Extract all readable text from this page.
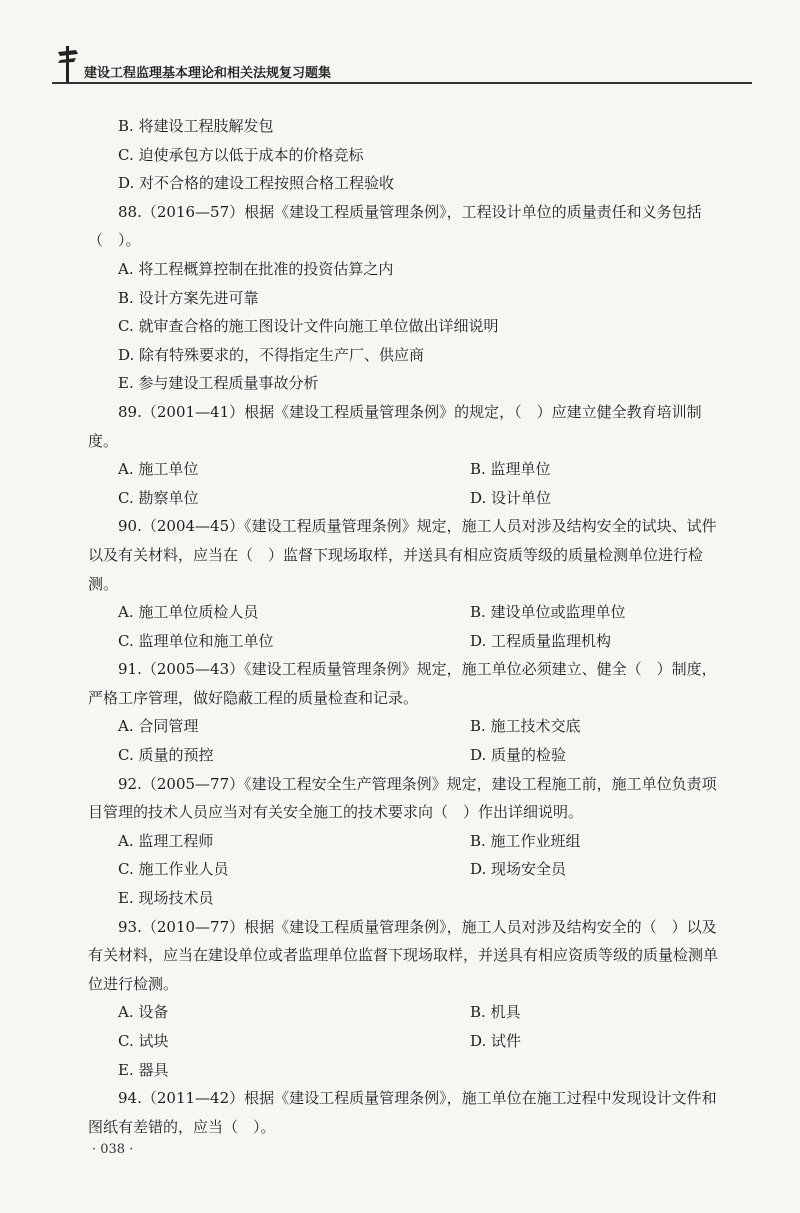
建设工程监理基本理论和相关法规复习题集
B. 将建设工程肢解发包
C. 迫使承包方以低于成本的价格竞标
D. 对不合格的建设工程按照合格工程验收
88.（2016—57）根据《建设工程质量管理条例》，工程设计单位的质量责任和义务包括（　）。
A. 将工程概算控制在批准的投资估算之内
B. 设计方案先进可靠
C. 就审查合格的施工图设计文件向施工单位做出详细说明
D. 除有特殊要求的，不得指定生产厂、供应商
E. 参与建设工程质量事故分析
89.（2001—41）根据《建设工程质量管理条例》的规定，（　）应建立健全教育培训制度。
A. 施工单位	B. 监理单位
C. 勘察单位	D. 设计单位
90.（2004—45）《建设工程质量管理条例》规定，施工人员对涉及结构安全的试块、试件以及有关材料，应当在（　）监督下现场取样，并送具有相应资质等级的质量检测单位进行检测。
A. 施工单位质检人员	B. 建设单位或监理单位
C. 监理单位和施工单位	D. 工程质量监理机构
91.（2005—43）《建设工程质量管理条例》规定，施工单位必须建立、健全（　）制度，严格工序管理，做好隐蔽工程的质量检查和记录。
A. 合同管理	B. 施工技术交底
C. 质量的预控	D. 质量的检验
92.（2005—77）《建设工程安全生产管理条例》规定，建设工程施工前，施工单位负责项目管理的技术人员应当对有关安全施工的技术要求向（　）作出详细说明。
A. 监理工程师	B. 施工作业班组
C. 施工作业人员	D. 现场安全员
E. 现场技术员
93.（2010—77）根据《建设工程质量管理条例》，施工人员对涉及结构安全的（　）以及有关材料，应当在建设单位或者监理单位监督下现场取样，并送具有相应资质等级的质量检测单位进行检测。
A. 设备	B. 机具
C. 试块	D. 试件
E. 器具
94.（2011—42）根据《建设工程质量管理条例》，施工单位在施工过程中发现设计文件和图纸有差错的，应当（　）。
· 038 ·
